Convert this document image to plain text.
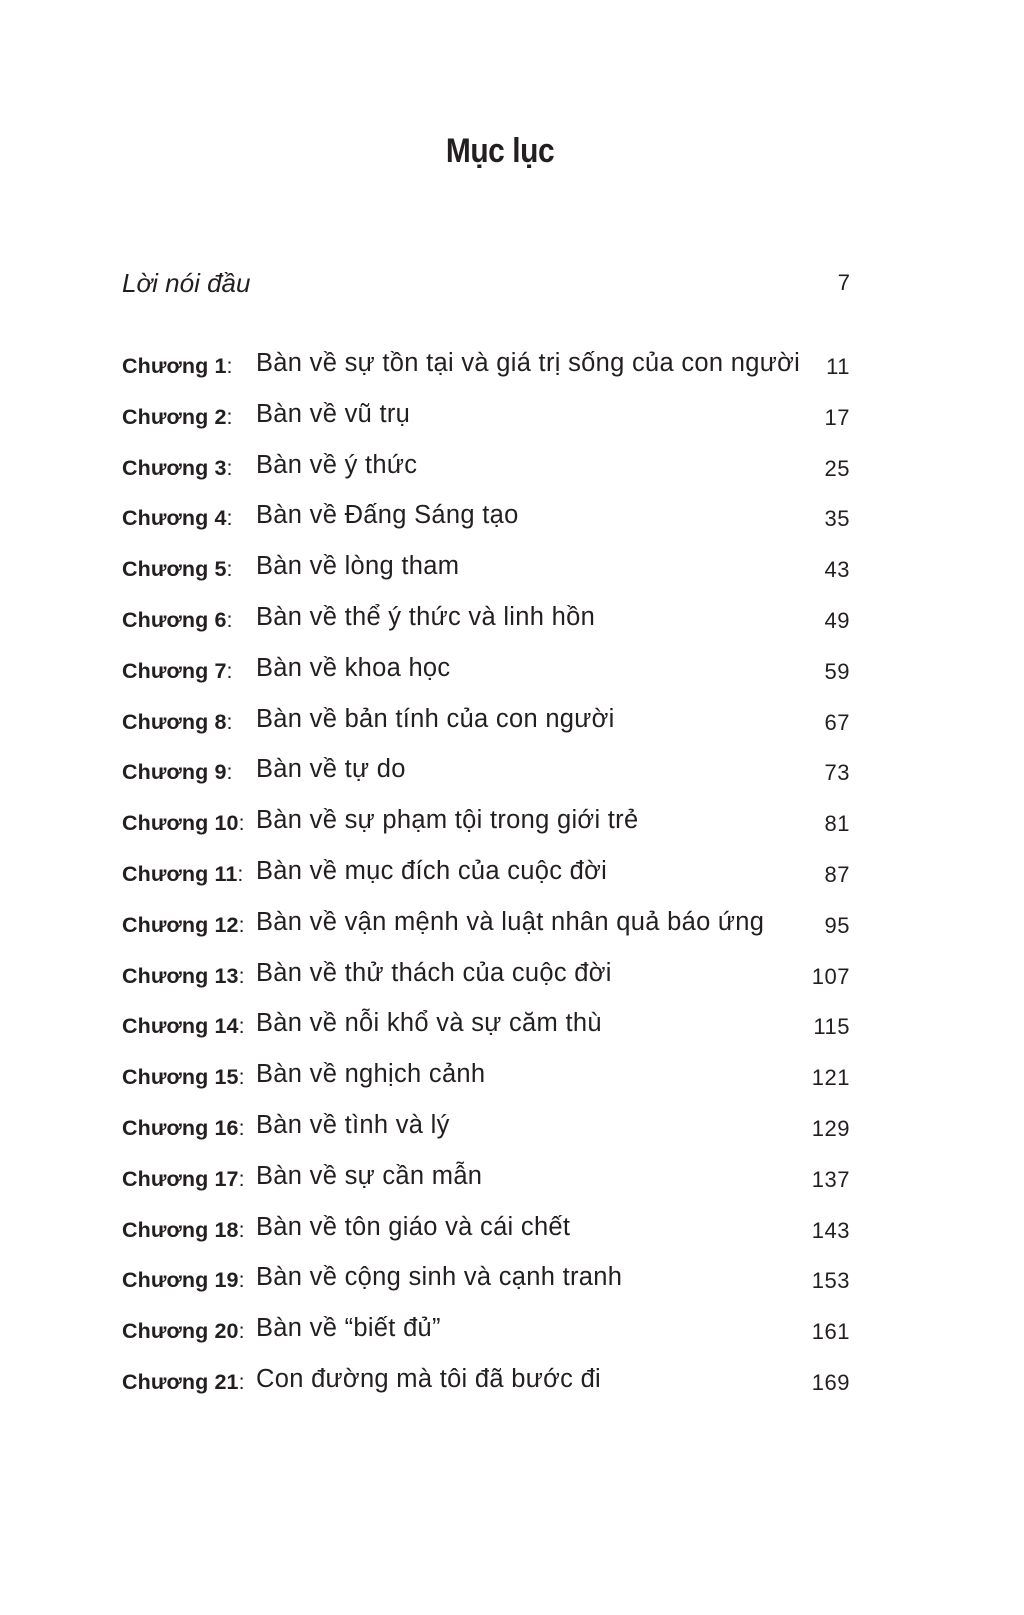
Mục lục
Lời nói đầu	7
Chương 1: Bàn về sự tồn tại và giá trị sống của con người 11
Chương 2: Bàn về vũ trụ	17
Chương 3: Bàn về ý thức	25
Chương 4: Bàn về Đấng Sáng tạo	35
Chương 5: Bàn về lòng tham	43
Chương 6: Bàn về thể ý thức và linh hồn	49
Chương 7: Bàn về khoa học	59
Chương 8: Bàn về bản tính của con người	67
Chương 9: Bàn về tự do	73
Chương 10: Bàn về sự phạm tội trong giới trẻ	81
Chương 11: Bàn về mục đích của cuộc đời	87
Chương 12: Bàn về vận mệnh và luật nhân quả báo ứng	95
Chương 13: Bàn về thử thách của cuộc đời	107
Chương 14: Bàn về nỗi khổ và sự căm thù	115
Chương 15: Bàn về nghịch cảnh	121
Chương 16: Bàn về tình và lý	129
Chương 17: Bàn về sự cần mẫn	137
Chương 18: Bàn về tôn giáo và cái chết	143
Chương 19: Bàn về cộng sinh và cạnh tranh	153
Chương 20: Bàn về “biết đủ”	161
Chương 21: Con đường mà tôi đã bước đi	169
